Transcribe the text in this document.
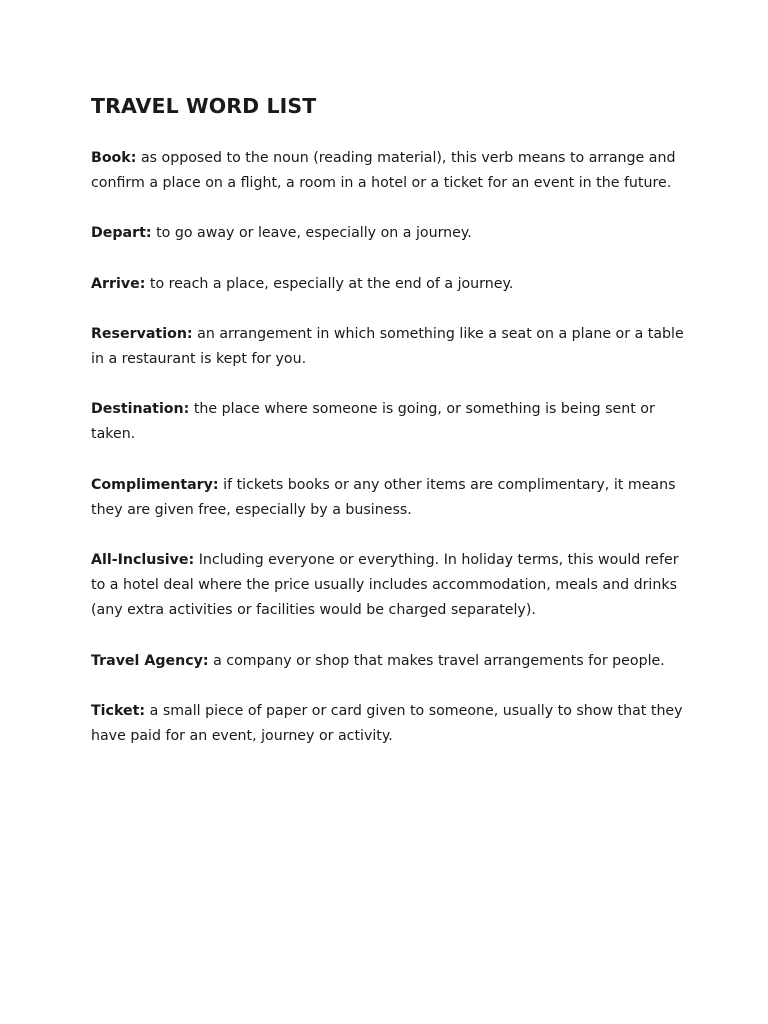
TRAVEL WORD LIST

Book: as opposed to the noun (reading material), this verb means to arrange and confirm a place on a flight, a room in a hotel or a ticket for an event in the future.

Depart: to go away or leave, especially on a journey.

Arrive: to reach a place, especially at the end of a journey.

Reservation: an arrangement in which something like a seat on a plane or a table in a restaurant is kept for you.

Destination: the place where someone is going, or something is being sent or taken.

Complimentary: if tickets books or any other items are complimentary, it means they are given free, especially by a business.

All-Inclusive: Including everyone or everything. In holiday terms, this would refer to a hotel deal where the price usually includes accommodation, meals and drinks (any extra activities or facilities would be charged separately).

Travel Agency: a company or shop that makes travel arrangements for people.

Ticket: a small piece of paper or card given to someone, usually to show that they have paid for an event, journey or activity.
